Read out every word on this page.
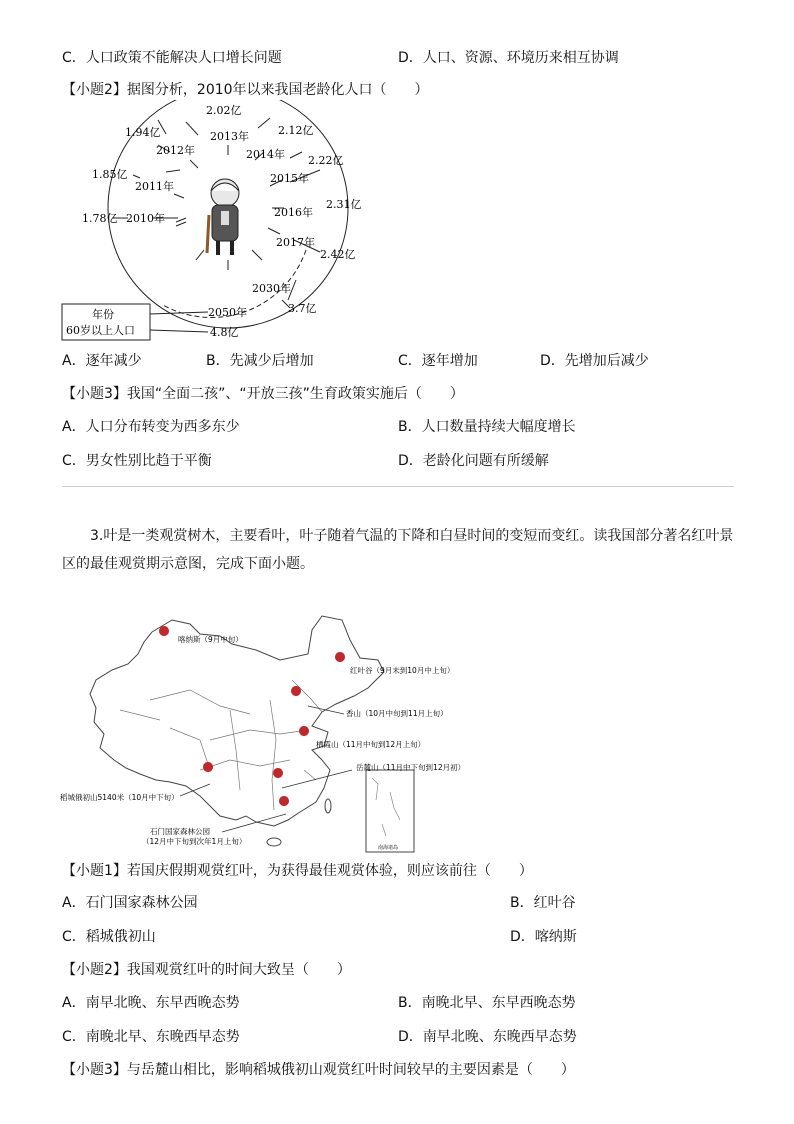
C．人口政策不能解决人口增长问题	D．人口、资源、环境历来相互协调
【小题2】据图分析，2010年以来我国老龄化人口（　　）
2013年
2012年
2011年
2010年
2014年
2015年
2016年
2017年
2030年
2050年
2.02亿
1.94亿
1.85亿
1.78亿
2.12亿
2.22亿
2.31亿
2.42亿
3.7亿
4.8亿
年份
60岁以上人口
A．逐年减少	B．先减少后增加	C．逐年增加	D．先增加后减少
【小题3】我国“全面二孩”、“开放三孩”生育政策实施后（　　）
A．人口分布转变为西多东少	B．人口数量持续大幅度增长
C．男女性别比趋于平衡	D．老龄化问题有所缓解
3.叶是一类观赏树木，主要看叶，叶子随着气温的下降和白昼时间的变短而变红。读我国部分著名红叶景区的最佳观赏期示意图，完成下面小题。
南海诸岛
喀纳斯（9月中旬）
红叶谷（9月末到10月中上旬）
香山（10月中旬到11月上旬）
栖霞山（11月中旬到12月上旬）
岳麓山（11月中下旬到12月初）
稻城俄初山5140米（10月中下旬）
石门国家森林公园
（12月中下旬到次年1月上旬）
【小题1】若国庆假期观赏红叶，为获得最佳观赏体验，则应该前往（　　）
A．石门国家森林公园	B．红叶谷
C．稻城俄初山	D．喀纳斯
【小题2】我国观赏红叶的时间大致呈（　　）
A．南早北晚、东早西晚态势	B．南晚北早、东早西晚态势
C．南晚北早、东晚西早态势	D．南早北晚、东晚西早态势
【小题3】与岳麓山相比，影响稻城俄初山观赏红叶时间较早的主要因素是（　　）
